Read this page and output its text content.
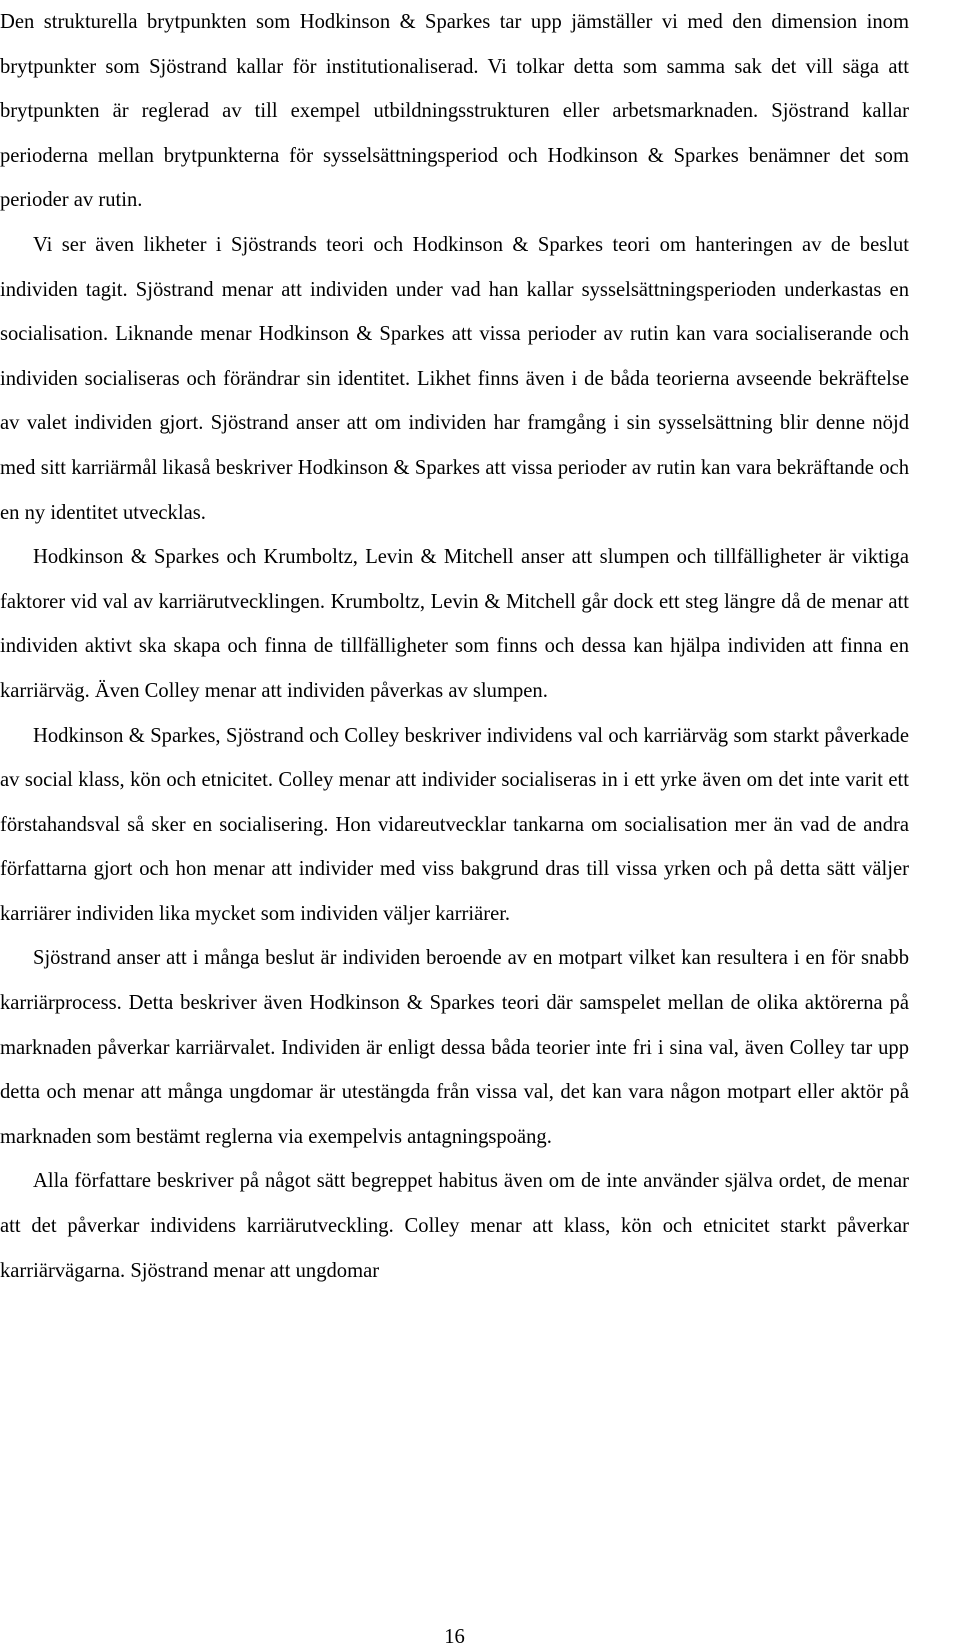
Den strukturella brytpunkten som Hodkinson & Sparkes tar upp jämställer vi med den dimension inom brytpunkter som Sjöstrand kallar för institutionaliserad. Vi tolkar detta som samma sak det vill säga att brytpunkten är reglerad av till exempel utbildningsstrukturen eller arbetsmarknaden. Sjöstrand kallar perioderna mellan brytpunkterna för sysselsättningsperiod och Hodkinson & Sparkes benämner det som perioder av rutin.

Vi ser även likheter i Sjöstrands teori och Hodkinson & Sparkes teori om hanteringen av de beslut individen tagit. Sjöstrand menar att individen under vad han kallar sysselsättningsperioden underkastas en socialisation. Liknande menar Hodkinson & Sparkes att vissa perioder av rutin kan vara socialiserande och individen socialiseras och förändrar sin identitet. Likhet finns även i de båda teorierna avseende bekräftelse av valet individen gjort. Sjöstrand anser att om individen har framgång i sin sysselsättning blir denne nöjd med sitt karriärmål likaså beskriver Hodkinson & Sparkes att vissa perioder av rutin kan vara bekräftande och en ny identitet utvecklas.

Hodkinson & Sparkes och Krumboltz, Levin & Mitchell anser att slumpen och tillfälligheter är viktiga faktorer vid val av karriärutvecklingen. Krumboltz, Levin & Mitchell går dock ett steg längre då de menar att individen aktivt ska skapa och finna de tillfälligheter som finns och dessa kan hjälpa individen att finna en karriärväg. Även Colley menar att individen påverkas av slumpen.

Hodkinson & Sparkes, Sjöstrand och Colley beskriver individens val och karriärväg som starkt påverkade av social klass, kön och etnicitet. Colley menar att individer socialiseras in i ett yrke även om det inte varit ett förstahandsval så sker en socialisering. Hon vidareutvecklar tankarna om socialisation mer än vad de andra författarna gjort och hon menar att individer med viss bakgrund dras till vissa yrken och på detta sätt väljer karriärer individen lika mycket som individen väljer karriärer.

Sjöstrand anser att i många beslut är individen beroende av en motpart vilket kan resultera i en för snabb karriärprocess. Detta beskriver även Hodkinson & Sparkes teori där samspelet mellan de olika aktörerna på marknaden påverkar karriärvalet. Individen är enligt dessa båda teorier inte fri i sina val, även Colley tar upp detta och menar att många ungdomar är utestängda från vissa val, det kan vara någon motpart eller aktör på marknaden som bestämt reglerna via exempelvis antagningspoäng.

Alla författare beskriver på något sätt begreppet habitus även om de inte använder själva ordet, de menar att det påverkar individens karriärutveckling. Colley menar att klass, kön och etnicitet starkt påverkar karriärvägarna. Sjöstrand menar att ungdomar

16
